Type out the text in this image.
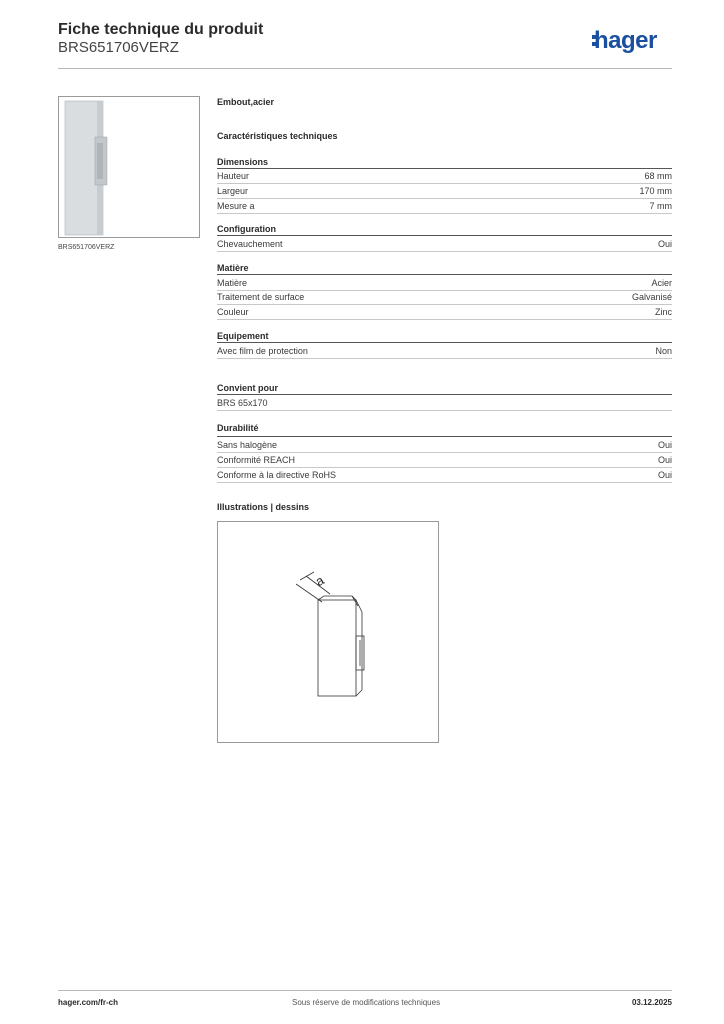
Fiche technique du produit
BRS651706VERZ	hager
BRS651706VERZ
Embout,acier
Caractéristiques techniques
Dimensions
Hauteur	68 mm
Largeur	170 mm
Mesure a	7 mm
Configuration
Chevauchement	Oui
Matière
Matière	Acier
Traitement de surface	Galvanisé
Couleur	Zinc
Equipement
Avec film de protection	Non
Convient pour
BRS 65x170
Durabilité
Sans halogène	Oui
Conformité REACH	Oui
Conforme à la directive RoHS	Oui
Illustrations | dessins
a
hager.com/fr-ch	Sous réserve de modifications techniques	03.12.2025
